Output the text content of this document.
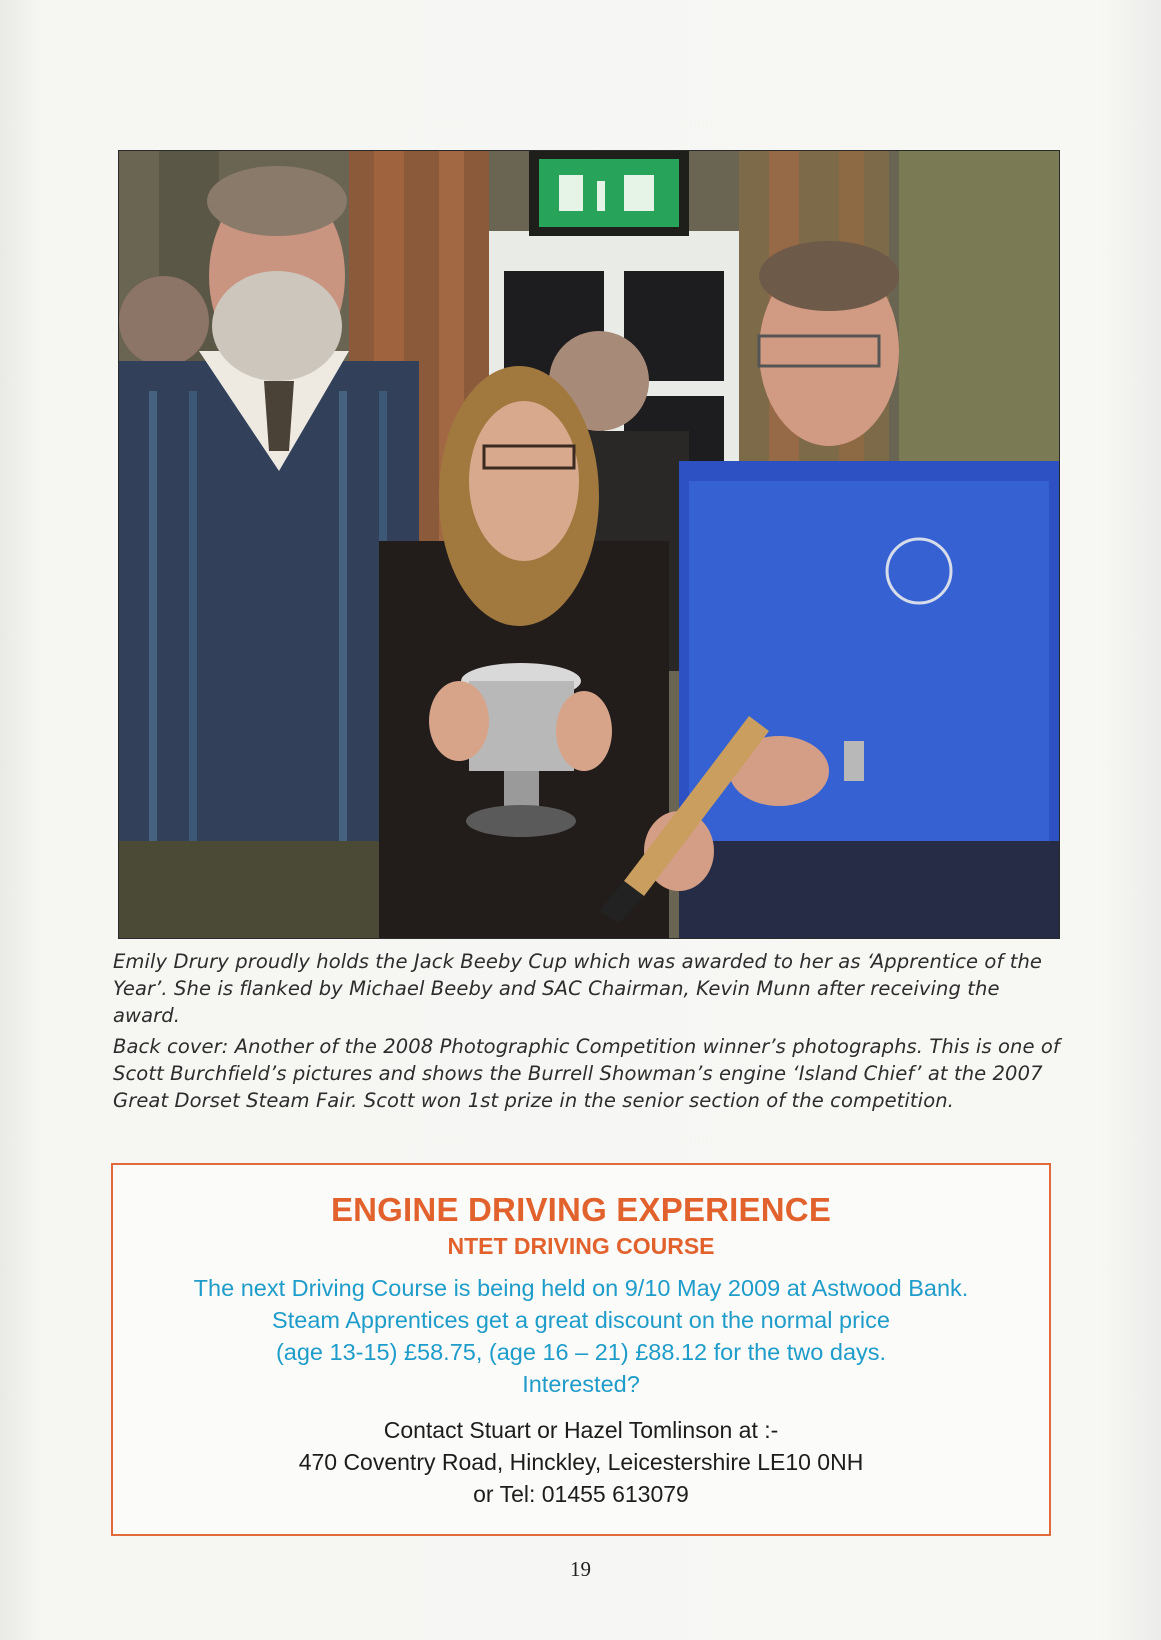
Emily Drury proudly holds the Jack Beeby Cup which was awarded to her as ‘Apprentice of the

Year’. She is flanked by Michael Beeby and SAC Chairman, Kevin Munn after receiving the award.

Back cover: Another of the 2008 Photographic Competition winner’s photographs. This is one of

Scott Burchfield’s pictures and shows the Burrell Showman’s engine ‘Island Chief’ at the 2007

Great Dorset Steam Fair. Scott won 1st prize in the senior section of the competition.

ENGINE DRIVING EXPERIENCE
NTET DRIVING COURSE
The next Driving Course is being held on 9/10 May 2009 at Astwood Bank.
Steam Apprentices get a great discount on the normal price
(age 13-15) £58.75, (age 16 – 21) £88.12 for the two days.
Interested?
Contact Stuart or Hazel Tomlinson at :-
470 Coventry Road, Hinckley, Leicestershire LE10 0NH
or Tel: 01455 613079
19
